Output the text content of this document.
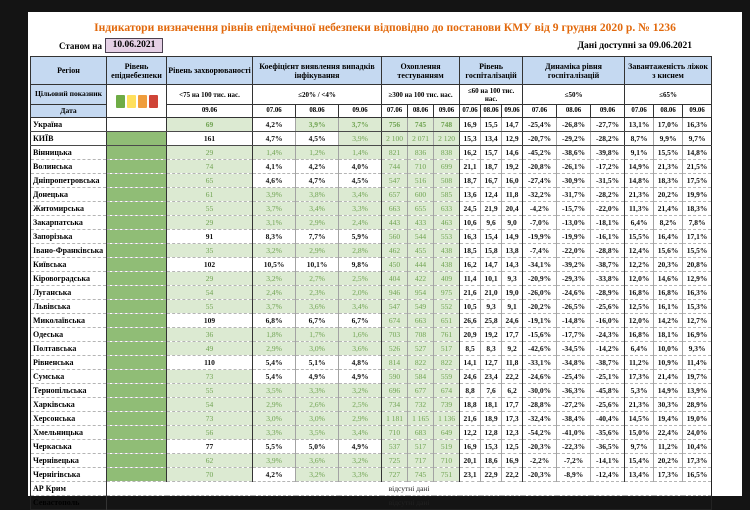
Індикатори визначення рівнів епідемічної небезпеки відповідно до постанови КМУ від 9 грудня 2020 р. № 1236
Станом на	10.06.2021	Дані доступні за 09.06.2021
Регіон	Рівень епіднебезпеки	Рівень захворюваності	Коефіцієнт виявлення випадків інфікування			Охоплення тестуванням			Рівень госпіталізацій			Динаміка рівня госпіталізацій			Завантаженість ліжок з киснем		
Цільовий показник		<75 на 100 тис. нас.	≤20% / <4%			≥300 на 100 тис. нас.			≤60 на 100 тис. нас.			≤50%			≤65%		
Дата		09.06	07.06	08.06	09.06	07.06	08.06	09.06	07.06	08.06	09.06	07.06	08.06	09.06	07.06	08.06	09.06
Україна		69	4,2%	3,9%	3,7%	756	745	748	16,9	15,5	14,7	-25,4%	-26,8%	-27,7%	13,1%	17,0%	16,3%
КИЇВ		161	4,7%	4,5%	3,9%	2 100	2 071	2 120	15,3	13,4	12,9	-20,7%	-29,2%	-28,2%	8,7%	9,9%	9,7%
Вінницька		29	1,4%	1,2%	1,4%	821	836	838	16,2	15,7	14,6	-45,2%	-38,6%	-39,8%	9,1%	15,5%	14,8%
Волинська		74	4,1%	4,2%	4,0%	744	710	699	21,1	18,7	19,2	-20,8%	-26,1%	-17,2%	14,9%	21,3%	21,5%
Дніпропетровська		65	4,6%	4,7%	4,5%	547	516	508	18,7	16,7	16,0	-27,4%	-30,9%	-31,5%	14,8%	18,3%	17,5%
Донецька		61	3,9%	3,8%	3,4%	657	600	585	13,6	12,4	11,8	-32,2%	-31,7%	-28,2%	21,3%	20,2%	19,9%
Житомирська		55	3,7%	3,4%	3,3%	663	655	633	24,5	21,9	20,4	-4,2%	-15,7%	-22,0%	11,3%	21,4%	18,3%
Закарпатська		29	3,1%	2,9%	2,4%	443	433	463	10,6	9,6	9,0	-7,0%	-13,0%	-18,1%	6,4%	8,2%	7,8%
Запорізька		91	8,3%	7,7%	5,9%	560	544	553	16,3	15,4	14,9	-19,9%	-19,9%	-16,1%	15,5%	16,4%	17,1%
Івано-Франківська		35	3,2%	2,9%	2,8%	462	455	438	18,5	15,8	13,8	-7,4%	-22,0%	-28,8%	12,4%	15,6%	15,5%
Київська		102	10,5%	10,1%	9,8%	450	444	438	16,2	14,7	14,3	-34,1%	-39,2%	-38,7%	12,2%	20,3%	20,8%
Кіровоградська		29	3,2%	2,7%	2,5%	404	422	409	11,4	10,1	9,3	-20,9%	-29,3%	-33,8%	12,0%	14,6%	12,9%
Луганська		54	2,4%	2,3%	2,0%	946	954	975	21,6	21,0	19,0	-26,0%	-24,6%	-28,9%	16,8%	16,8%	16,3%
Львівська		55	3,7%	3,6%	3,4%	547	549	552	10,5	9,3	9,1	-20,2%	-26,5%	-25,6%	12,5%	16,1%	15,3%
Миколаївська		109	6,8%	6,7%	6,7%	674	663	651	26,6	25,8	24,6	-19,1%	-14,8%	-16,0%	12,0%	14,2%	12,7%
Одеська		36	1,8%	1,7%	1,6%	703	708	761	20,9	19,2	17,7	-15,6%	-17,7%	-24,3%	16,8%	18,1%	16,9%
Полтавська		49	2,9%	3,0%	3,6%	526	527	517	8,5	8,3	9,2	-42,6%	-34,5%	-14,2%	6,4%	10,0%	9,3%
Рівненська		110	5,4%	5,1%	4,8%	814	822	822	14,1	12,7	11,8	-33,1%	-34,8%	-38,7%	11,2%	10,9%	11,4%
Сумська		73	5,4%	4,9%	4,9%	590	584	559	24,6	23,4	22,2	-24,6%	-25,4%	-25,1%	17,3%	21,4%	19,7%
Тернопільська		55	3,5%	3,3%	3,2%	696	677	674	8,8	7,6	6,2	-30,0%	-36,3%	-45,8%	5,3%	14,9%	13,9%
Харківська		54	2,9%	2,6%	2,5%	734	732	739	18,8	18,1	17,7	-28,8%	-27,2%	-25,6%	21,3%	30,3%	28,9%
Херсонська		73	3,0%	3,0%	2,9%	1 181	1 165	1 136	21,6	18,9	17,3	-32,4%	-38,4%	-40,4%	14,5%	19,4%	19,0%
Хмельницька		56	3,3%	3,5%	3,4%	710	683	649	12,2	12,8	12,3	-54,2%	-41,0%	-35,6%	15,0%	22,4%	24,0%
Черкаська		77	5,5%	5,0%	4,9%	537	517	519	16,9	15,3	12,5	-20,3%	-22,3%	-36,5%	9,7%	11,2%	10,4%
Чернівецька		62	3,9%	3,6%	3,2%	725	717	710	20,1	18,6	16,9	-2,2%	-7,2%	-14,1%	15,4%	20,2%	17,3%
Чернігівська		70	4,2%	3,2%	3,3%	727	745	751	23,1	22,9	22,2	-20,3%	-8,9%	-12,4%	13,4%	17,3%	16,5%
АР Крим	відсутні дані																
Севастополь	відсутні дані																
